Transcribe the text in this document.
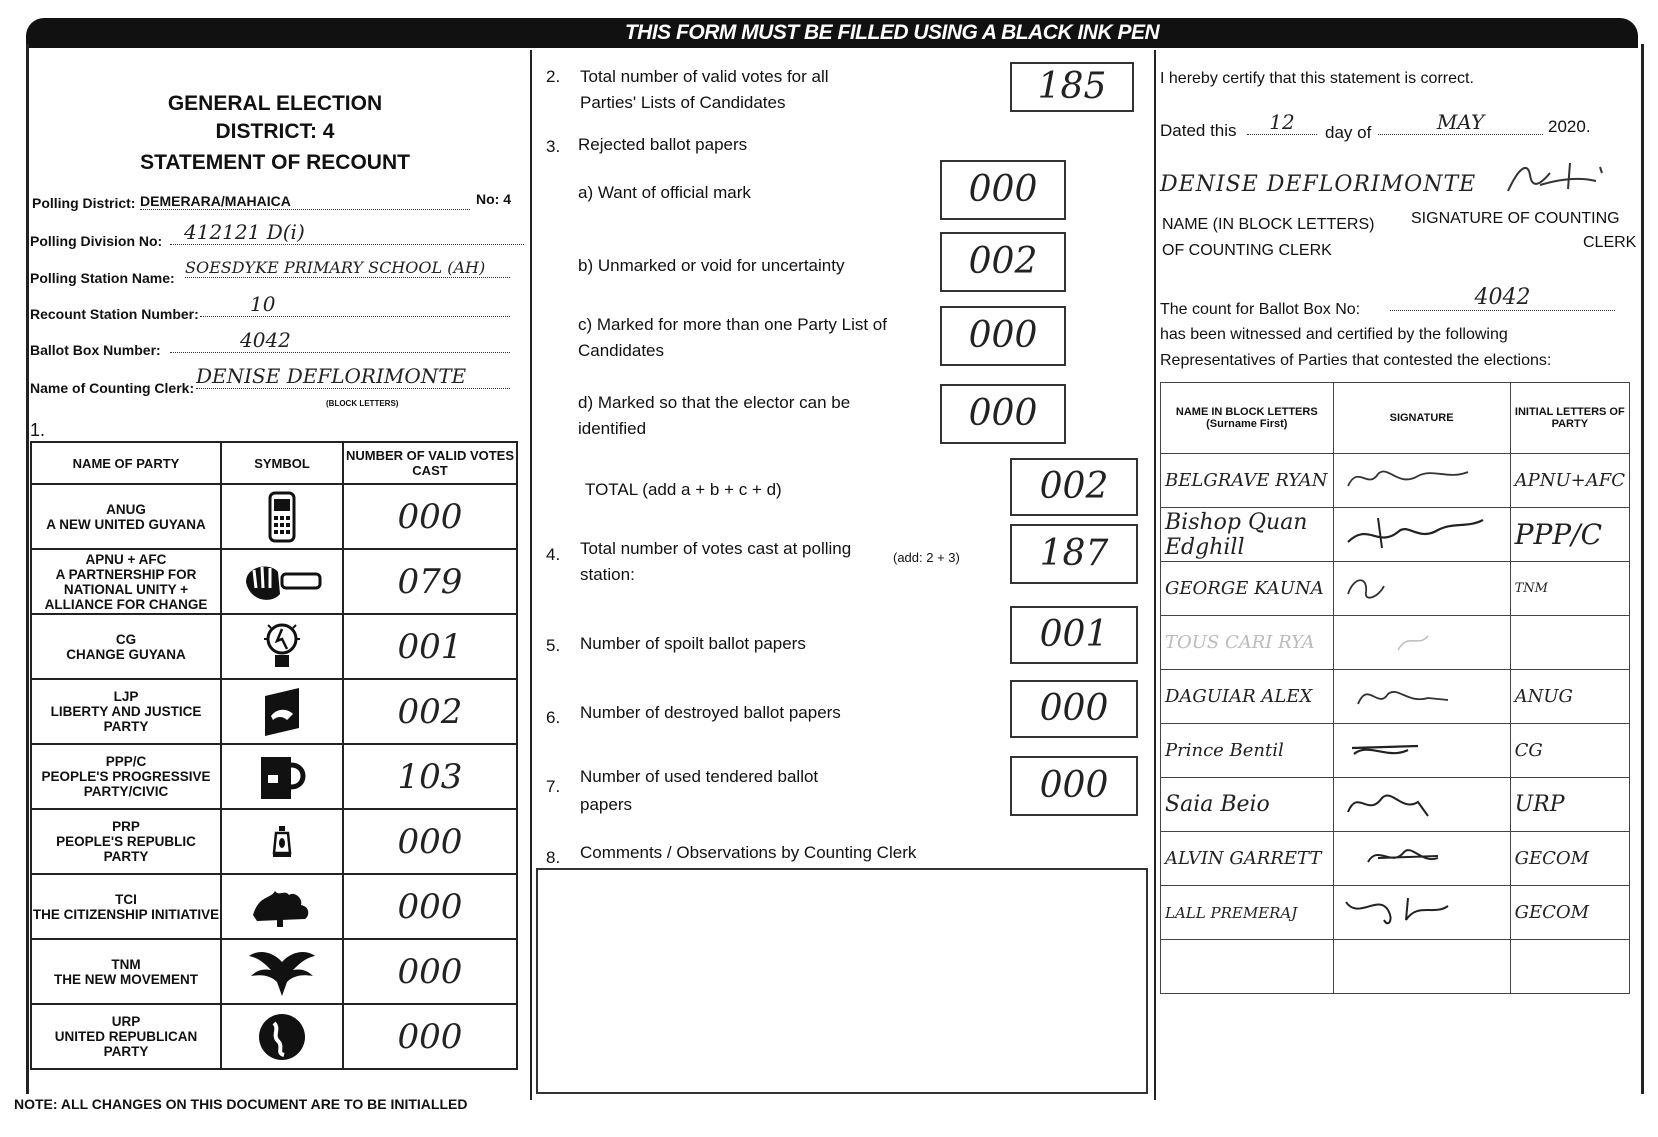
THIS FORM MUST BE FILLED USING A BLACK INK PEN
GENERAL ELECTION
DISTRICT: 4
STATEMENT OF RECOUNT
Polling District: DEMERARA/MAHAICA	No: 4
Polling Division No:	412121 D(i)
Polling Station Name:
SOESDYKE PRIMARY SCHOOL (AH)
Recount Station Number:	10
Ballot Box Number:	4042
Name of Counting Clerk: DENISE DEFLORIMONTE
(BLOCK LETTERS)
1.
NAME OF PARTY	SYMBOL	NUMBER OF VALID VOTES CAST

ANUG
A NEW UNITED GUYANA		000

APNU + AFC
A PARTNERSHIP FOR NATIONAL UNITY + ALLIANCE FOR CHANGE		079

CG
CHANGE GUYANA		001

LJP
LIBERTY AND JUSTICE PARTY		002

PPP/C
PEOPLE'S PROGRESSIVE PARTY/CIVIC		103

PRP
PEOPLE'S REPUBLIC PARTY		000

TCI
THE CITIZENSHIP INITIATIVE		000

TNM
THE NEW MOVEMENT		000

URP
UNITED REPUBLICAN PARTY		000
NOTE: ALL CHANGES ON THIS DOCUMENT ARE TO BE INITIALLED
2. Total number of valid votes for all
Parties' Lists of Candidates	185
3. Rejected ballot papers
a) Want of official mark	000
b) Unmarked or void for uncertainty	002
c) Marked for more than one Party List of
Candidates	000
d) Marked so that the elector can be
identified	000
TOTAL (add a + b + c + d)	002
4. Total number of votes cast at polling
station:
(add: 2 + 3)	187
5. Number of spoilt ballot papers	001
6. Number of destroyed ballot papers	000
7.
Number of used tendered ballot
papers	000
8. Comments / Observations by Counting Clerk
I hereby certify that this statement is correct.
Dated this	12	day of	MAY	2020.
DENISE DEFLORIMONTE
NAME (IN BLOCK LETTERS)
OF COUNTING CLERK
SIGNATURE OF COUNTING
CLERK
The count for Ballot Box No:	4042
has been witnessed and certified by the following
Representatives of Parties that contested the elections:
NAME IN BLOCK LETTERS (Surname First)	SIGNATURE	INITIAL LETTERS OF PARTY
BELGRAVE RYAN		APNU+AFC
Bishop Quan Edghill		PPP/C
GEORGE KAUNA		TNM
TOUS CARI RYA		
DAGUIAR ALEX		ANUG
Prince Bentil		CG
Saia Beio		URP
ALVIN GARRETT		GECOM
LALL PREMERAJ		GECOM
